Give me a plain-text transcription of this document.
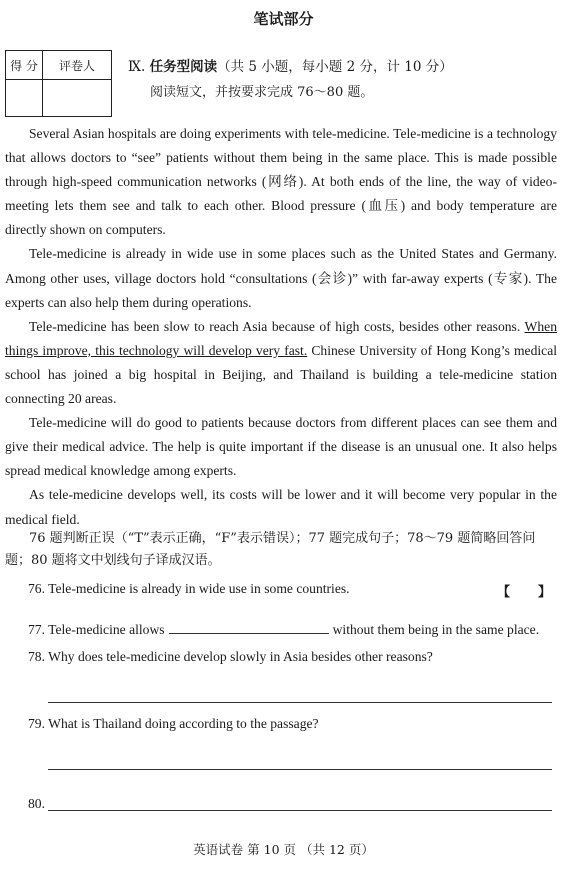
笔试部分
得 分	评卷人
	Ⅸ. 任务型阅读（共 5 小题，每小题 2 分，计 10 分）
阅读短文，并按要求完成 76～80 题。

Several Asian hospitals are doing experiments with tele-medicine. Tele-medicine is a technology that allows doctors to “see” patients without them being in the same place. This is made possible through high-speed communication networks (网络). At both ends of the line, the way of video-meeting lets them see and talk to each other. Blood pressure (血压) and body temperature are directly shown on computers.

Tele-medicine is already in wide use in some places such as the United States and Germany. Among other uses, village doctors hold “consultations (会诊)” with far-away experts (专家). The experts can also help them during operations.

Tele-medicine has been slow to reach Asia because of high costs, besides other reasons. When things improve, this technology will develop very fast. Chinese University of Hong Kong’s medical school has joined a big hospital in Beijing, and Thailand is building a tele-medicine station connecting 20 areas.

Tele-medicine will do good to patients because doctors from different places can see them and give their medical advice. The help is quite important if the disease is an unusual one. It also helps spread medical knowledge among experts.

As tele-medicine develops well, its costs will be lower and it will become very popular in the medical field.

76 题判断正误（“T”表示正确，“F”表示错误）；77 题完成句子；78～79 题简略回答问题；80 题将文中划线句子译成汉语。
76. Tele-medicine is already in wide use in some countries.	【 】
77. Tele-medicine allows	without them being in the same place.
78. Why does tele-medicine develop slowly in Asia besides other reasons?
79. What is Thailand doing according to the passage?
80.
英语试卷 第 10 页 （共 12 页）
